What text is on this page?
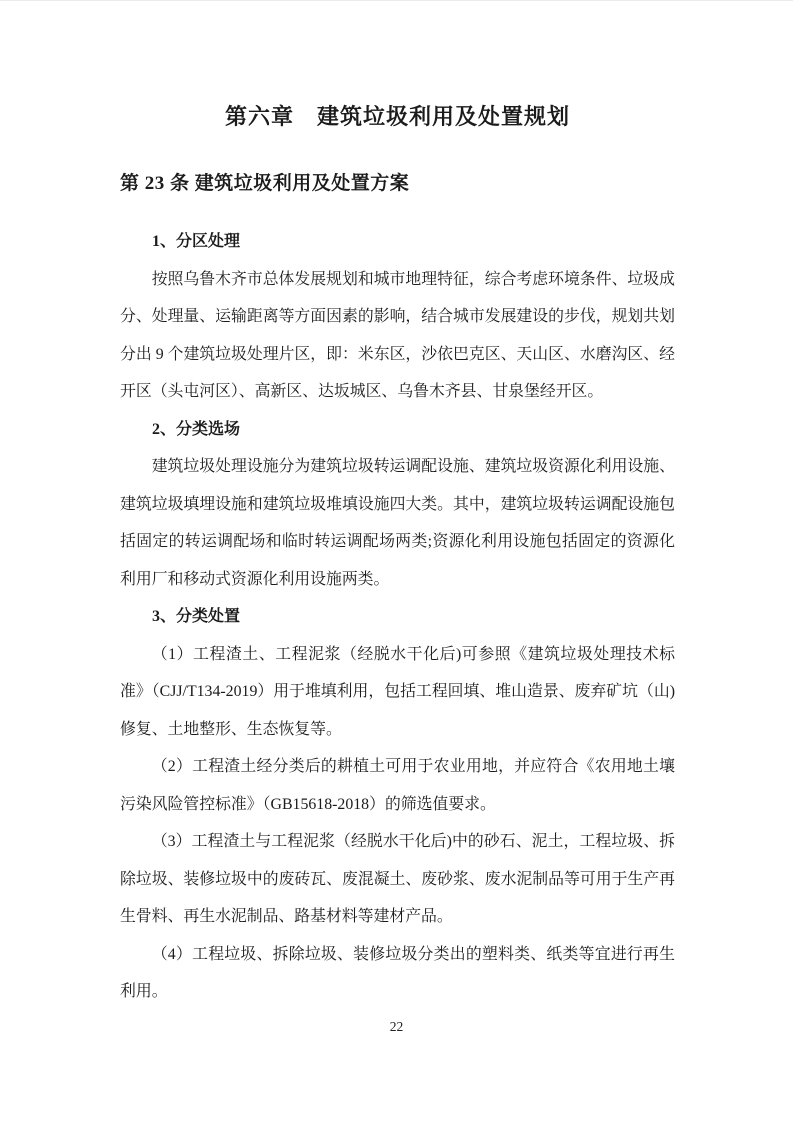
第六章　建筑垃圾利用及处置规划
第 23 条 建筑垃圾利用及处置方案

1、分区处理

按照乌鲁木齐市总体发展规划和城市地理特征，综合考虑环境条件、垃圾成分、处理量、运输距离等方面因素的影响，结合城市发展建设的步伐，规划共划分出 9 个建筑垃圾处理片区，即：米东区，沙依巴克区、天山区、水磨沟区、经开区（头屯河区）、高新区、达坂城区、乌鲁木齐县、甘泉堡经开区。

2、分类选场

建筑垃圾处理设施分为建筑垃圾转运调配设施、建筑垃圾资源化利用设施、建筑垃圾填埋设施和建筑垃圾堆填设施四大类。其中，建筑垃圾转运调配设施包括固定的转运调配场和临时转运调配场两类;资源化利用设施包括固定的资源化利用厂和移动式资源化利用设施两类。

3、分类处置

（1）工程渣土、工程泥浆（经脱水干化后)可参照《建筑垃圾处理技术标准》（CJJ/T134-2019）用于堆填利用，包括工程回填、堆山造景、废弃矿坑（山)修复、土地整形、生态恢复等。

（2）工程渣土经分类后的耕植土可用于农业用地，并应符合《农用地土壤污染风险管控标准》（GB15618-2018）的筛选值要求。

（3）工程渣土与工程泥浆（经脱水干化后)中的砂石、泥土，工程垃圾、拆除垃圾、装修垃圾中的废砖瓦、废混凝土、废砂浆、废水泥制品等可用于生产再生骨料、再生水泥制品、路基材料等建材产品。

（4）工程垃圾、拆除垃圾、装修垃圾分类出的塑料类、纸类等宜进行再生利用。

22
